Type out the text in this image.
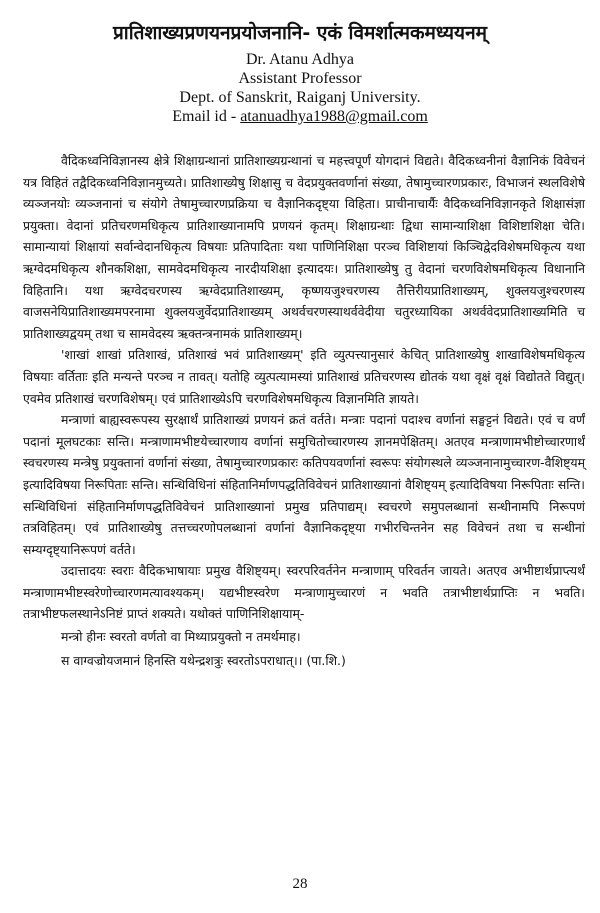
प्रातिशाख्यप्रणयनप्रयोजनानि- एकं विमर्शात्मकमध्ययनम्
Dr. Atanu Adhya
Assistant Professor
Dept. of Sanskrit, Raiganj University.
Email id - atanuadhya1988@gmail.com

वैदिकध्वनिविज्ञानस्य क्षेत्रे शिक्षाग्रन्थानां प्रातिशाख्यग्रन्थानां च महत्त्वपूर्णं योगदानं विद्यते। वैदिकध्वनीनां वैज्ञानिकं विवेचनं यत्र विहितं तद्वैदिकध्वनिविज्ञानमुच्यते। प्रातिशाख्येषु शिक्षासु च वेदप्रयुक्तवर्णानां संख्या, तेषामुच्चारणप्रकारः, विभाजनं स्थलविशेषे व्यञ्जनयोः व्यञ्जनानां च संयोगे तेषामुच्चारणप्रक्रिया च वैज्ञानिकदृष्ट्या विहिता। प्राचीनाचार्यैः वैदिकध्वनिविज्ञानकृते शिक्षासंज्ञा प्रयुक्ता। वेदानां प्रतिचरणमधिकृत्य प्रातिशाख्यानामपि प्रणयनं कृतम्। शिक्षाग्रन्थाः द्विधा सामान्याशिक्षा विशिष्टाशिक्षा चेति। सामान्यायां शिक्षायां सर्वान्वेदानधिकृत्य विषयाः प्रतिपादिताः यथा पाणिनिशिक्षा परञ्च विशिष्टायां किञ्चिद्वेदविशेषमधिकृत्य यथा ऋग्वेदमधिकृत्य शौनकशिक्षा, सामवेदमधिकृत्य नारदीयशिक्षा इत्यादयः। प्रातिशाख्येषु तु वेदानां चरणविशेषमधिकृत्य विधानानि विहितानि। यथा ऋग्वेदचरणस्य ऋग्वेदप्रातिशाख्यम्, कृष्णयजुश्चरणस्य तैत्तिरीयप्रातिशाख्यम्, शुक्लयजुश्चरणस्य वाजसनेयिप्रातिशाख्यमपरनामा शुक्लयजुर्वेदप्रातिशाख्यम् अथर्वचरणस्याथर्ववेदीया चतुरध्यायिका अथर्ववेदप्रातिशाख्यमिति च प्रातिशाख्यद्वयम् तथा च सामवेदस्य ऋक्तन्त्रनामकं प्रातिशाख्यम्।

'शाखां शाखां प्रतिशाखं, प्रतिशाखं भवं प्रातिशाख्यम्' इति व्युत्पत्त्यानुसारं केचित् प्रातिशाख्येषु शाखाविशेषमधिकृत्य विषयाः वर्तिताः इति मन्यन्ते परञ्च न तावत्। यतोहि व्युत्पत्यामस्यां प्रातिशाखं प्रतिचरणस्य द्योतकं यथा वृक्षं वृक्षं विद्योतते विद्युत्। एवमेव प्रतिशाखं चरणविशेषम्। एवं प्रातिशाख्येऽपि चरणविशेषमधिकृत्य विज्ञानमिति ज्ञायते।

मन्त्राणां बाह्यस्वरूपस्य सुरक्षार्थं प्रातिशाख्यं प्रणयनं क्रतं वर्तते। मन्त्राः पदानां पदाश्च वर्णानां सङ्घट्टनं विद्यते। एवं च वर्णं पदानां मूलघटकाः सन्ति। मन्त्राणामभीष्टयेच्चारणाय वर्णानां समुचितोच्चारणस्य ज्ञानमपेक्षितम्। अतएव मन्त्राणामभीष्टोच्चारणार्थं स्वचरणस्य मन्त्रेषु प्रयुक्तानां वर्णानां संख्या, तेषामुच्चारणप्रकारः कतिपयवर्णानां स्वरूपः संयोगस्थले व्यञ्जनानामुच्चारण-वैशिष्ट्यम् इत्यादिविषया निरूपिताः सन्ति। सन्धिविधिनां संहितानिर्माणपद्धतिविवेचनं प्रातिशाख्यानां वैशिष्ट्यम् इत्यादिविषया निरूपिताः सन्ति। सन्धिविधिनां संहितानिर्माणपद्धतिविवेचनं प्रातिशाख्यानां प्रमुख प्रतिपाद्यम्। स्वचरणे समुपलब्धानां सन्धीनामपि निरूपणं तत्रविहितम्। एवं प्रातिशाख्येषु तत्तच्चरणोपलब्धानां वर्णानां वैज्ञानिकदृष्ट्या गभीरचिन्तनेन सह विवेचनं तथा च सन्धीनां सम्यग्दृष्ट्यानिरूपणं वर्तते।

उदात्तादयः स्वराः वैदिकभाषायाः प्रमुख वैशिष्ट्यम्। स्वरपरिवर्तनेन मन्त्राणाम् परिवर्तन जायते। अतएव अभीष्टार्थप्राप्त्यर्थं मन्त्राणामभीष्टस्वरेणोच्चारणमत्यावश्यकम्। यद्यभीष्टस्वरेण मन्त्राणामुच्चारणं न भवति तत्राभीष्टार्थप्राप्तिः न भवति। तत्राभीष्टफलस्थानेऽनिष्टं प्राप्तं शक्यते। यथोक्तं पाणिनिशिक्षायाम्-

मन्त्रो हीनः स्वरतो वर्णतो वा मिथ्याप्रयुक्तो न तमर्थमाह।
स वाग्वज्रोयजमानं हिनस्ति यथेन्द्रशत्रुः स्वरतोऽपराधात्।। (पा.शि.)
28
